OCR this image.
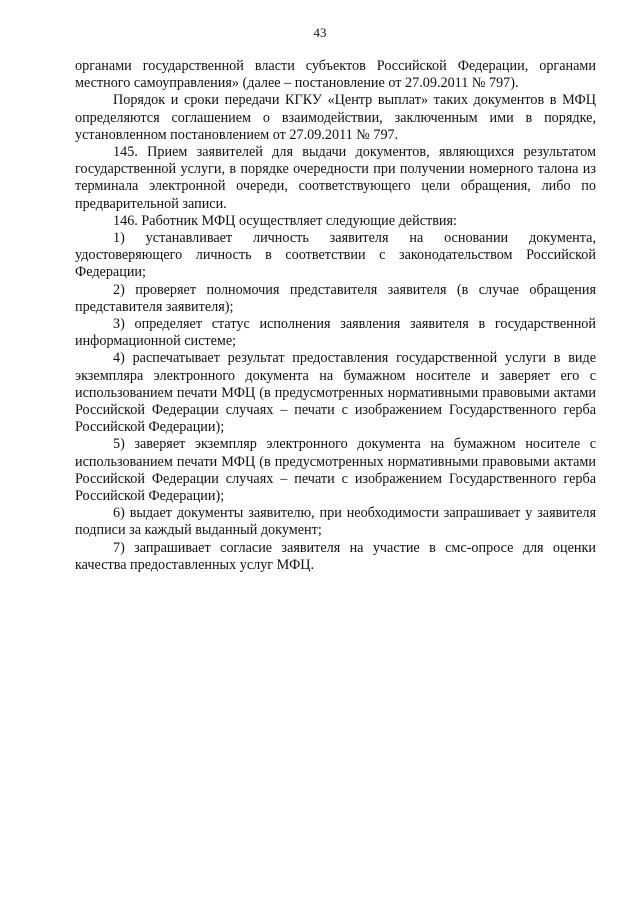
43

органами государственной власти субъектов Российской Федерации, органами местного самоуправления» (далее – постановление от 27.09.2011 № 797).

Порядок и сроки передачи КГКУ «Центр выплат» таких документов в МФЦ определяются соглашением о взаимодействии, заключенным ими в порядке, установленном постановлением от 27.09.2011 № 797.

145. Прием заявителей для выдачи документов, являющихся результатом государственной услуги, в порядке очередности при получении номерного талона из терминала электронной очереди, соответствующего цели обращения, либо по предварительной записи.

146. Работник МФЦ осуществляет следующие действия:

1) устанавливает личность заявителя на основании документа, удостоверяющего личность в соответствии с законодательством Российской Федерации;

2) проверяет полномочия представителя заявителя (в случае обращения представителя заявителя);

3) определяет статус исполнения заявления заявителя в государственной информационной системе;

4) распечатывает результат предоставления государственной услуги в виде экземпляра электронного документа на бумажном носителе и заверяет его с использованием печати МФЦ (в предусмотренных нормативными правовыми актами Российской Федерации случаях – печати с изображением Государственного герба Российской Федерации);

5) заверяет экземпляр электронного документа на бумажном носителе с использованием печати МФЦ (в предусмотренных нормативными правовыми актами Российской Федерации случаях – печати с изображением Государственного герба Российской Федерации);

6) выдает документы заявителю, при необходимости запрашивает у заявителя подписи за каждый выданный документ;

7) запрашивает согласие заявителя на участие в смс-опросе для оценки качества предоставленных услуг МФЦ.
